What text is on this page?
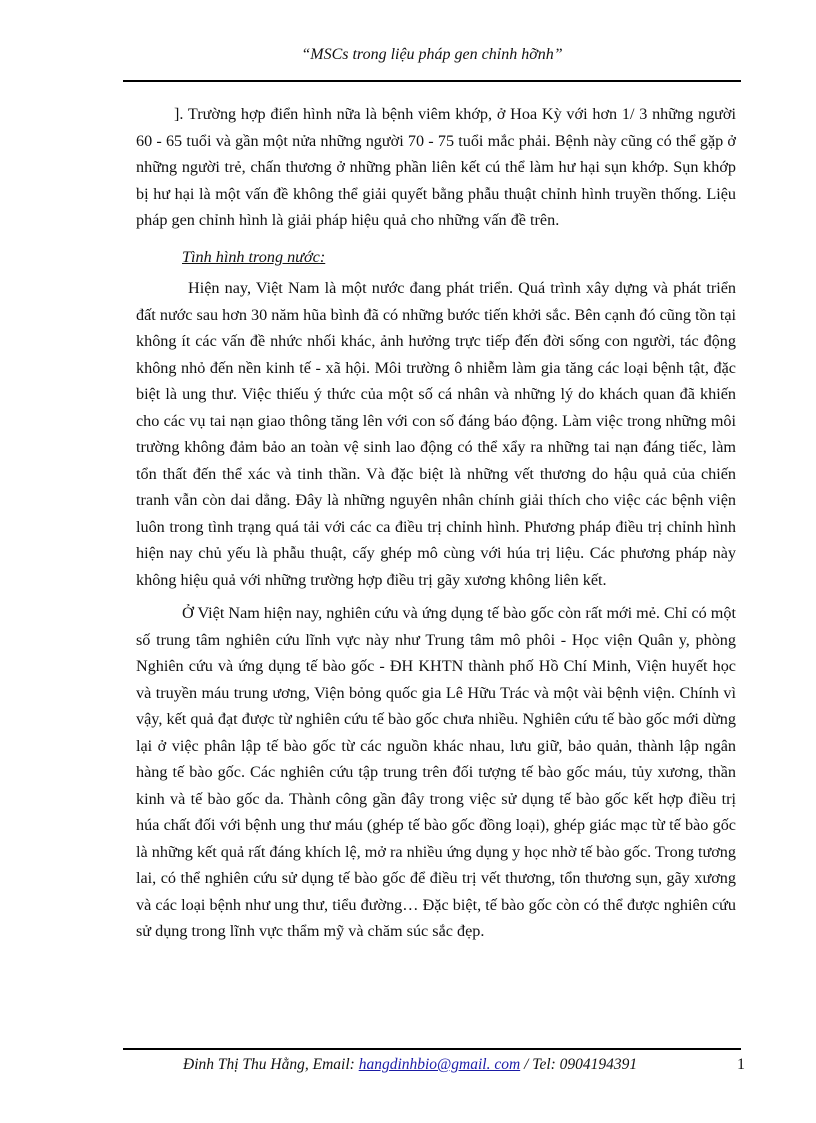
“MSCs trong liệu pháp gen chỉnh hỡnh”

]. Trường hợp điển hình nữa là bệnh viêm khớp, ở Hoa Kỳ với hơn 1/ 3 những người 60 - 65 tuổi và gần một nửa những người 70 - 75 tuổi mắc phải. Bệnh này cũng có thể gặp ở những người trẻ, chấn thương ở những phần liên kết cú thể làm hư hại sụn khớp. Sụn khớp bị hư hại là một vấn đề không thể giải quyết bằng phẫu thuật chỉnh hình truyền thống. Liệu pháp gen chỉnh hình là giải pháp hiệu quả cho những vấn đề trên.

Tình hình trong nước:

Hiện nay, Việt Nam là một nước đang phát triển. Quá trình xây dựng và phát triển đất nước sau hơn 30 năm hũa bình đã có những bước tiến khởi sắc. Bên cạnh đó cũng tồn tại không ít các vấn đề nhức nhối khác, ảnh hưởng trực tiếp đến đời sống con người, tác động không nhỏ đến nền kinh tế - xã hội. Môi trường ô nhiễm làm gia tăng các loại bệnh tật, đặc biệt là ung thư. Việc thiếu ý thức của một số cá nhân và những lý do khách quan đã khiến cho các vụ tai nạn giao thông tăng lên với con số đáng báo động. Làm việc trong những môi trường không đảm bảo an toàn vệ sinh lao động có thể xẩy ra những tai nạn đáng tiếc, làm tổn thất đến thể xác và tinh thần. Và đặc biệt là những vết thương do hậu quả của chiến tranh vẫn còn dai dẳng. Đây là những nguyên nhân chính giải thích cho việc các bệnh viện luôn trong tình trạng quá tải với các ca điều trị chỉnh hình. Phương pháp điều trị chỉnh hình hiện nay chủ yếu là phẫu thuật, cấy ghép mô cùng với húa trị liệu. Các phương pháp này không hiệu quả với những trường hợp điều trị gãy xương không liên kết.

Ở Việt Nam hiện nay, nghiên cứu và ứng dụng tế bào gốc còn rất mới mẻ. Chỉ có một số trung tâm nghiên cứu lĩnh vực này như Trung tâm mô phôi - Học viện Quân y, phòng Nghiên cứu và ứng dụng tế bào gốc - ĐH KHTN thành phố Hồ Chí Minh, Viện huyết học và truyền máu trung ương, Viện bỏng quốc gia Lê Hữu Trác và một vài bệnh viện. Chính vì vậy, kết quả đạt được từ nghiên cứu tế bào gốc chưa nhiều. Nghiên cứu tế bào gốc mới dừng lại ở việc phân lập tế bào gốc từ các nguồn khác nhau, lưu giữ, bảo quản, thành lập ngân hàng tế bào gốc. Các nghiên cứu tập trung trên đối tượng tế bào gốc máu, tủy xương, thần kinh và tế bào gốc da. Thành công gần đây trong việc sử dụng tế bào gốc kết hợp điều trị húa chất đối với bệnh ung thư máu (ghép tế bào gốc đồng loại), ghép giác mạc từ tế bào gốc là những kết quả rất đáng khích lệ, mở ra nhiều ứng dụng y học nhờ tế bào gốc. Trong tương lai, có thể nghiên cứu sử dụng tế bào gốc để điều trị vết thương, tổn thương sụn, gãy xương và các loại bệnh như ung thư, tiểu đường… Đặc biệt, tế bào gốc còn có thể được nghiên cứu sử dụng trong lĩnh vực thẩm mỹ và chăm súc sắc đẹp.

Đinh Thị Thu Hằng, Email: hangdinhbio@gmail. com / Tel: 0904194391	1
